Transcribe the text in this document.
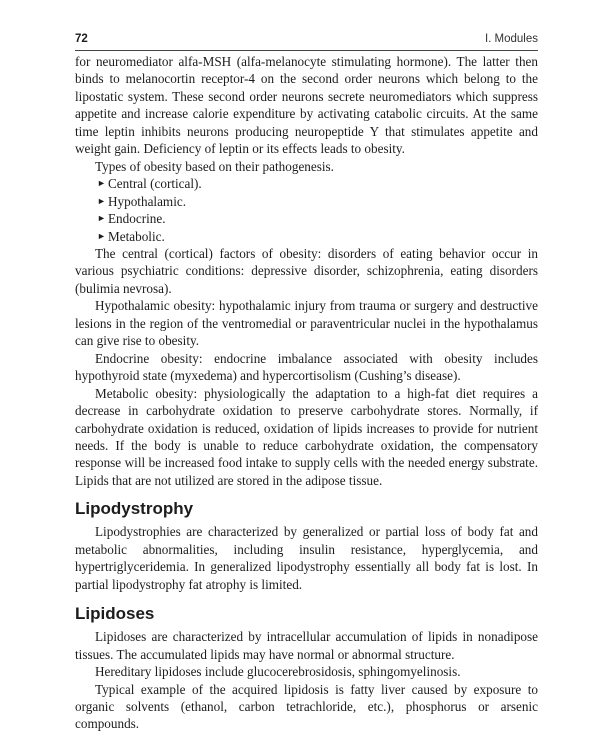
72	I. Modules

for neuromediator alfa-MSH (alfa-melanocyte stimulating hormone). The latter then binds to melanocortin receptor-4 on the second order neurons which belong to the lipostatic system. These second order neurons secrete neuromediators which suppress appetite and increase calorie expenditure by activating catabolic circuits. At the same time leptin inhibits neurons producing neuropeptide Y that stimulates appetite and weight gain. Deficiency of leptin or its effects leads to obesity.

Types of obesity based on their pathogenesis.

► Central (cortical).
► Hypothalamic.
► Endocrine.
► Metabolic.

The central (cortical) factors of obesity: disorders of eating behavior occur in various psychiatric conditions: depressive disorder, schizophrenia, eating disorders (bulimia nevrosa).

Hypothalamic obesity: hypothalamic injury from trauma or surgery and destructive lesions in the region of the ventromedial or paraventricular nuclei in the hypothalamus can give rise to obesity.

Endocrine obesity: endocrine imbalance associated with obesity includes hypothyroid state (myxedema) and hypercortisolism (Cushing’s disease).

Metabolic obesity: physiologically the adaptation to a high-fat diet requires a decrease in carbohydrate oxidation to preserve carbohydrate stores. Normally, if carbohydrate oxidation is reduced, oxidation of lipids increases to provide for nutrient needs. If the body is unable to reduce carbohydrate oxidation, the compensatory response will be increased food intake to supply cells with the needed energy substrate. Lipids that are not utilized are stored in the adipose tissue.

Lipodystrophy

Lipodystrophies are characterized by generalized or partial loss of body fat and metabolic abnormalities, including insulin resistance, hyperglycemia, and hypertriglyceridemia. In generalized lipodystrophy essentially all body fat is lost. In partial lipodystrophy fat atrophy is limited.

Lipidoses

Lipidoses are characterized by intracellular accumulation of lipids in nonadipose tissues. The accumulated lipids may have normal or abnormal structure.

Hereditary lipidoses include glucocerebrosidosis, sphingomyelinosis.

Typical example of the acquired lipidosis is fatty liver caused by exposure to organic solvents (ethanol, carbon tetrachloride, etc.), phosphorus or arsenic compounds.
